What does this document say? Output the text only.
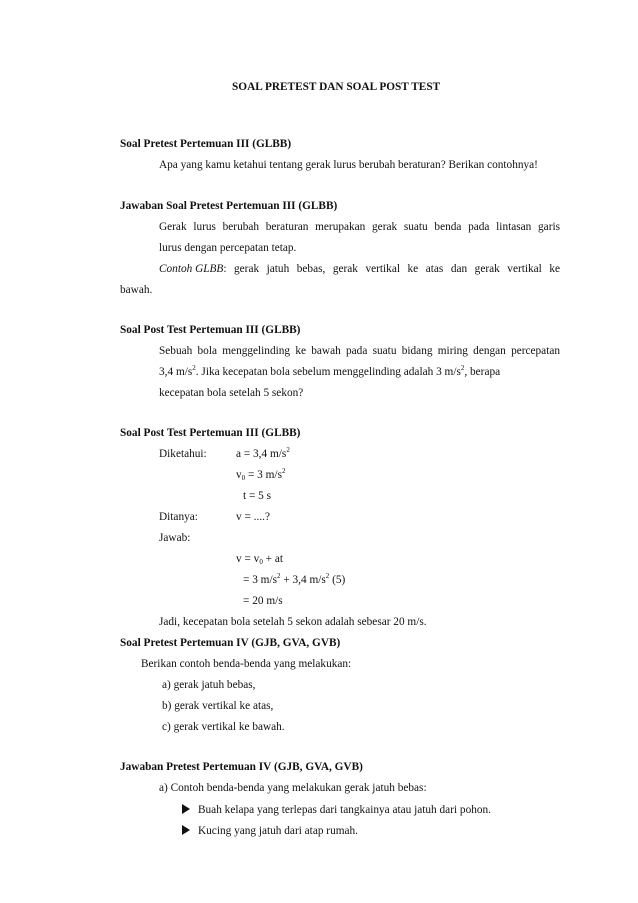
SOAL PRETEST DAN SOAL POST TEST
Soal Pretest Pertemuan III (GLBB)
Apa yang kamu ketahui tentang gerak lurus berubah beraturan? Berikan contohnya!
Jawaban Soal Pretest Pertemuan III (GLBB)
Gerak lurus berubah beraturan merupakan gerak suatu benda pada lintasan garis
lurus dengan percepatan tetap.
Contoh GLBB : gerak jatuh bebas, gerak vertikal ke atas dan gerak vertikal ke
bawah.
Soal Post Test Pertemuan III (GLBB)
Sebuah bola menggelinding ke bawah pada suatu bidang miring dengan percepatan
3,4 $m/s^2$. Jika kecepatan bola sebelum menggelinding adalah 3 $m/s^2$, berapa
kecepatan bola setelah 5 sekon?
Soal Post Test Pertemuan III (GLBB)
Diketahui:	a = 3,4 $m/s^2$
$v_0 = 3$ $m/s^2$
t = 5 s
Ditanya:	v = ....?
Jawab:
$v = v_0$ + at
= 3 $m/s^2 + 3,4$ $m/s^2$ (5)
= 20 m/s
Jadi, kecepatan bola setelah 5 sekon adalah sebesar 20 m/s.
Soal Pretest Pertemuan IV (GJB, GVA, GVB)
Berikan contoh benda-benda yang melakukan:
a) gerak jatuh bebas,
b) gerak vertikal ke atas,
c) gerak vertikal ke bawah.
Jawaban Pretest Pertemuan IV (GJB, GVA, GVB)
a) Contoh benda-benda yang melakukan gerak jatuh bebas:
Buah kelapa yang terlepas dari tangkainya atau jatuh dari pohon.
Kucing yang jatuh dari atap rumah.
